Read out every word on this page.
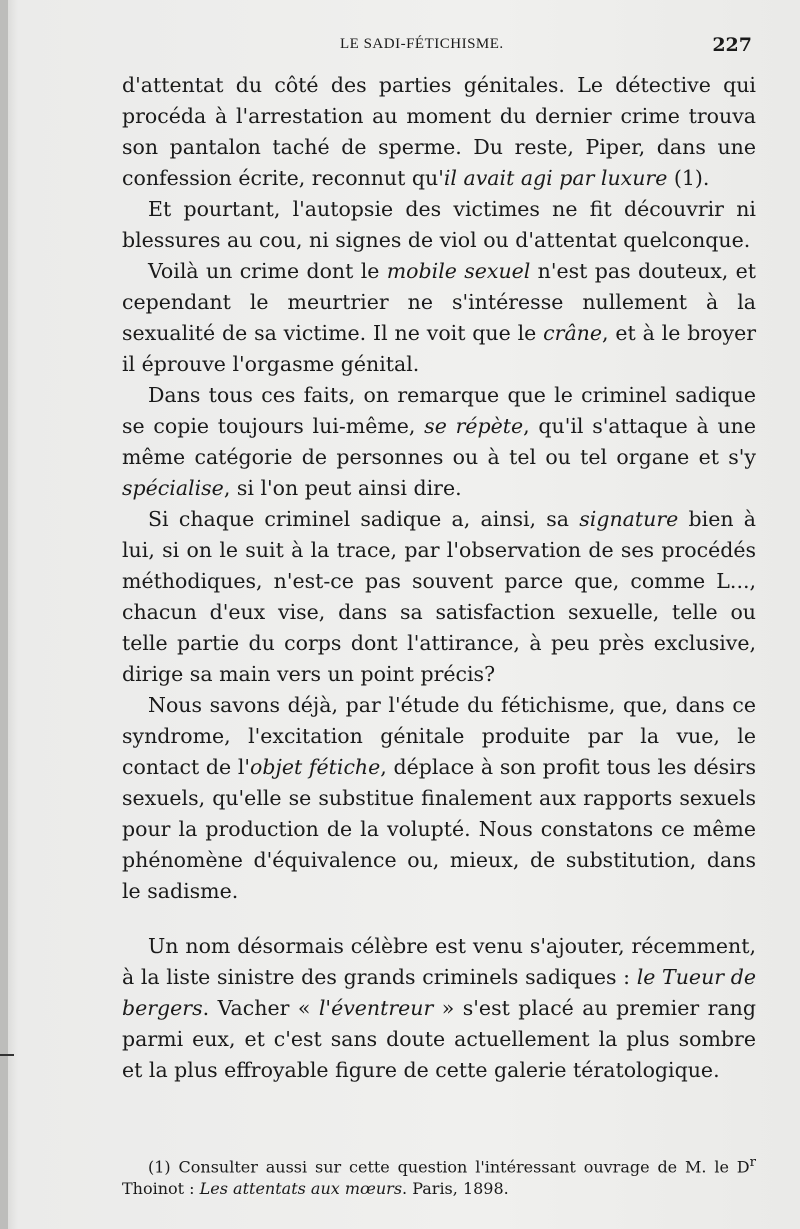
LE SADI-FÉTICHISME.	227

d'attentat du côté des parties génitales. Le détective qui procéda à l'arrestation au moment du dernier crime trouva son pantalon taché de sperme. Du reste, Piper, dans une confession écrite, reconnut qu'il avait agi par luxure (1).

Et pourtant, l'autopsie des victimes ne fit découvrir ni blessures au cou, ni signes de viol ou d'attentat quelconque.

Voilà un crime dont le mobile sexuel n'est pas douteux, et cependant le meurtrier ne s'intéresse nullement à la sexualité de sa victime. Il ne voit que le crâne, et à le broyer il éprouve l'orgasme génital.

Dans tous ces faits, on remarque que le criminel sadique se copie toujours lui-même, se répète, qu'il s'attaque à une même catégorie de personnes ou à tel ou tel organe et s'y spécialise, si l'on peut ainsi dire.

Si chaque criminel sadique a, ainsi, sa signature bien à lui, si on le suit à la trace, par l'observation de ses procédés méthodiques, n'est-ce pas souvent parce que, comme L..., chacun d'eux vise, dans sa satisfaction sexuelle, telle ou telle partie du corps dont l'attirance, à peu près exclusive, dirige sa main vers un point précis?

Nous savons déjà, par l'étude du fétichisme, que, dans ce syndrome, l'excitation génitale produite par la vue, le contact de l'objet fétiche, déplace à son profit tous les désirs sexuels, qu'elle se substitue finalement aux rapports sexuels pour la production de la volupté. Nous constatons ce même phénomène d'équivalence ou, mieux, de substitution, dans le sadisme.

Un nom désormais célèbre est venu s'ajouter, récemment, à la liste sinistre des grands criminels sadiques : le Tueur de bergers. Vacher « l'éventreur » s'est placé au premier rang parmi eux, et c'est sans doute actuellement la plus sombre et la plus effroyable figure de cette galerie tératologique.

(1) Consulter aussi sur cette question l'intéressant ouvrage de M. le $D^r$ Thoinot : Les attentats aux mœurs. Paris, 1898.
